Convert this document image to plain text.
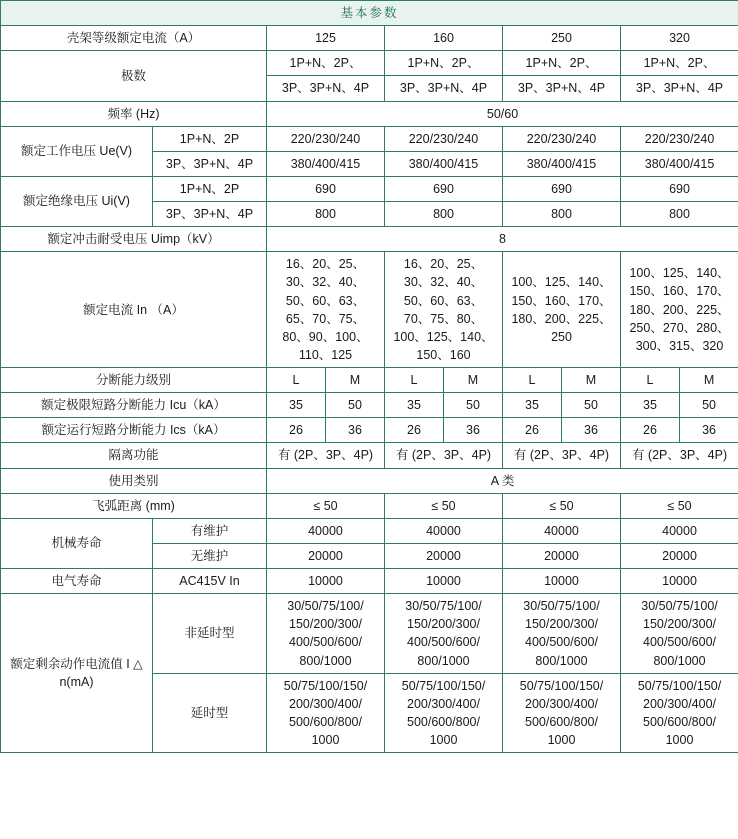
基本参数									
壳架等级额定电流（A）		125		160		250		320	
极数		1P+N、2P、		1P+N、2P、		1P+N、2P、		1P+N、2P、	
		3P、3P+N、4P		3P、3P+N、4P		3P、3P+N、4P		3P、3P+N、4P	
频率 (Hz)		50/60							
额定工作电压 Ue(V)	1P+N、2P	220/230/240		220/230/240		220/230/240		220/230/240	
	3P、3P+N、4P	380/400/415		380/400/415		380/400/415		380/400/415	
额定绝缘电压 Ui(V)	1P+N、2P	690		690		690		690	
	3P、3P+N、4P	800		800		800		800	
额定冲击耐受电压 Uimp（kV）		8							
额定电流 In （A）	16、20、25、
30、32、40、
50、60、63、
65、70、75、
80、90、100、
110、125	16、20、25、
30、32、40、
50、60、63、
70、75、80、
100、125、140、
150、160	100、125、140、
150、160、170、
180、200、225、
250	100、125、140、
150、160、170、
180、200、225、
250、270、280、
300、315、320
分断能力级别		L	M	L	M	L	M	L	M
额定极限短路分断能力 Icu（kA）		35	50	35	50	35	50	35	50
额定运行短路分断能力 Ics（kA）		26	36	26	36	26	36	26	36
隔离功能		有 (2P、3P、4P)		有 (2P、3P、4P)		有 (2P、3P、4P)		有 (2P、3P、4P)	
使用类别		A 类							
飞弧距离 (mm)		≤ 50		≤ 50		≤ 50		≤ 50	
机械寿命	有维护	40000		40000		40000		40000	
	无维护	20000		20000		20000		20000	
电气寿命	AC415V In	10000		10000		10000		10000	
额定剩余动作电流值 I △ n(mA)	非延时型	30/50/75/100/
150/200/300/
400/500/600/
800/1000		30/50/75/100/
150/200/300/
400/500/600/
800/1000		30/50/75/100/
150/200/300/
400/500/600/
800/1000		30/50/75/100/
150/200/300/
400/500/600/
800/1000	
	延时型	50/75/100/150/
200/300/400/
500/600/800/
1000		50/75/100/150/
200/300/400/
500/600/800/
1000		50/75/100/150/
200/300/400/
500/600/800/
1000		50/75/100/150/
200/300/400/
500/600/800/
1000	
